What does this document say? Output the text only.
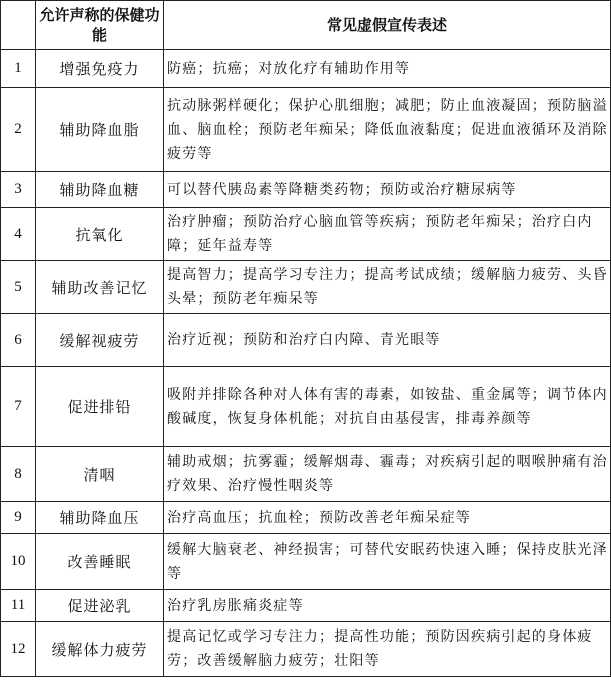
	允许声称的保健功能	常见虚假宣传表述
1	增强免疫力	防癌；抗癌；对放化疗有辅助作用等
2	辅助降血脂	抗动脉粥样硬化；保护心肌细胞；减肥；防止血液凝固；预防脑溢血、脑血栓；预防老年痴呆；降低血液黏度；促进血液循环及消除疲劳等
3	辅助降血糖	可以替代胰岛素等降糖类药物；预防或治疗糖尿病等
4	抗氧化	治疗肿瘤；预防治疗心脑血管等疾病；预防老年痴呆；治疗白内障；延年益寿等
5	辅助改善记忆	提高智力；提高学习专注力；提高考试成绩；缓解脑力疲劳、头昏头晕；预防老年痴呆等
6	缓解视疲劳	治疗近视；预防和治疗白内障、青光眼等
7	促进排铅	吸附并排除各种对人体有害的毒素，如铵盐、重金属等；调节体内酸碱度，恢复身体机能；对抗自由基侵害，排毒养颜等
8	清咽	辅助戒烟；抗雾霾；缓解烟毒、霾毒；对疾病引起的咽喉肿痛有治疗效果、治疗慢性咽炎等
9	辅助降血压	治疗高血压；抗血栓；预防改善老年痴呆症等
10	改善睡眠	缓解大脑衰老、神经损害；可替代安眠药快速入睡；保持皮肤光泽等
11	促进泌乳	治疗乳房胀痛炎症等
12	缓解体力疲劳	提高记忆或学习专注力；提高性功能；预防因疾病引起的身体疲劳；改善缓解脑力疲劳；壮阳等
